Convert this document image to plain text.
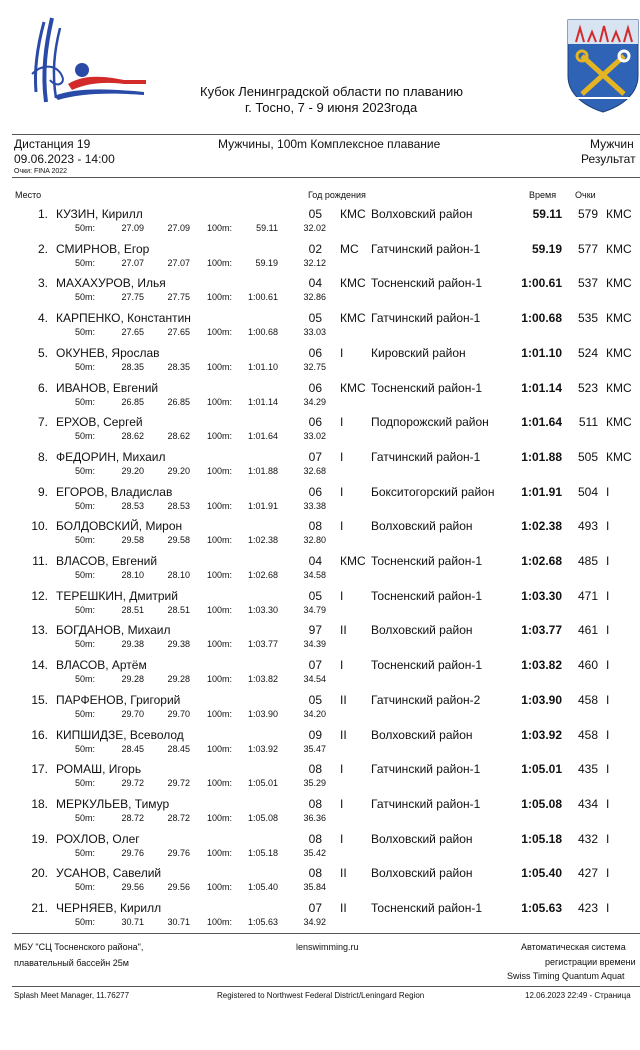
Кубок Ленинградской области по плаванию
г. Тосно, 7 - 9 июня 2023года
Дистанция 19	Мужчины, 100m Комплексное плавание	Мужчин
09.06.2023 - 14:00	Результат
Очки: FINA 2022
Место	Год рождения	Время Очки
1. КУЗИН, Кирилл	05 КМС Волховский район	59.11	579 КМС
50m:	27.09	27.09 100m:	59.11	32.02
2. СМИРНОВ, Егор	02 МС Гатчинский район-1	59.19	577 КМС
50m:	27.07	27.07 100m:	59.19	32.12
3. МАХАХУРОВ, Илья	04 КМС Тосненский район-1	1:00.61	537 КМС
50m:	27.75	27.75 100m:	1:00.61	32.86
4. КАРПЕНКО, Константин	05 КМС Гатчинский район-1	1:00.68	535 КМС
50m:	27.65	27.65 100m:	1:00.68	33.03
5. ОКУНЕВ, Ярослав	06 I Кировский район	1:01.10	524 КМС
50m:	28.35	28.35 100m:	1:01.10	32.75
6. ИВАНОВ, Евгений	06 КМС Тосненский район-1	1:01.14	523 КМС
50m:	26.85	26.85 100m:	1:01.14	34.29
7. ЕРХОВ, Сергей	06 I Подпорожский район	1:01.64	511 КМС
50m:	28.62	28.62 100m:	1:01.64	33.02
8. ФЕДОРИН, Михаил	07 I Гатчинский район-1	1:01.88	505 КМС
50m:	29.20	29.20 100m:	1:01.88	32.68
9. ЕГОРОВ, Владислав	06 I Бокситогорский район	1:01.91	504 I
50m:	28.53	28.53 100m:	1:01.91	33.38
10. БОЛДОВСКИЙ, Мирон	08 I Волховский район	1:02.38	493 I
50m:	29.58	29.58 100m:	1:02.38	32.80
11. ВЛАСОВ, Евгений	04 КМС Тосненский район-1	1:02.68	485 I
50m:	28.10	28.10 100m:	1:02.68	34.58
12. ТЕРЕШКИН, Дмитрий	05 I Тосненский район-1	1:03.30	471 I
50m:	28.51	28.51 100m:	1:03.30	34.79
13. БОГДАНОВ, Михаил	97 II Волховский район	1:03.77	461 I
50m:	29.38	29.38 100m:	1:03.77	34.39
14. ВЛАСОВ, Артём	07 I Тосненский район-1	1:03.82	460 I
50m:	29.28	29.28 100m:	1:03.82	34.54
15. ПАРФЕНОВ, Григорий	05 II Гатчинский район-2	1:03.90	458 I
50m:	29.70	29.70 100m:	1:03.90	34.20
16. КИПШИДЗЕ, Всеволод	09 II Волховский район	1:03.92	458 I
50m:	28.45	28.45 100m:	1:03.92	35.47
17. РОМАШ, Игорь	08 I Гатчинский район-1	1:05.01	435 I
50m:	29.72	29.72 100m:	1:05.01	35.29
18. МЕРКУЛЬЕВ, Тимур	08 I Гатчинский район-1	1:05.08	434 I
50m:	28.72	28.72 100m:	1:05.08	36.36
19. РОХЛОВ, Олег	08 I Волховский район	1:05.18	432 I
50m:	29.76	29.76 100m:	1:05.18	35.42
20. УСАНОВ, Савелий	08 II Волховский район	1:05.40	427 I
50m:	29.56	29.56 100m:	1:05.40	35.84
21. ЧЕРНЯЕВ, Кирилл	07 II Тосненский район-1	1:05.63	423 I
50m:	30.71	30.71 100m:	1:05.63	34.92
МБУ "СЦ Тосненского района",
плавательный бассейн 25м
lenswimming.ru	Автоматическая система
регистрации времени
Swiss Timing Quantum Aquat
Splash Meet Manager, 11.76277	Registered to Northwest Federal District/Leningard Region	12.06.2023 22:49 - Страница
